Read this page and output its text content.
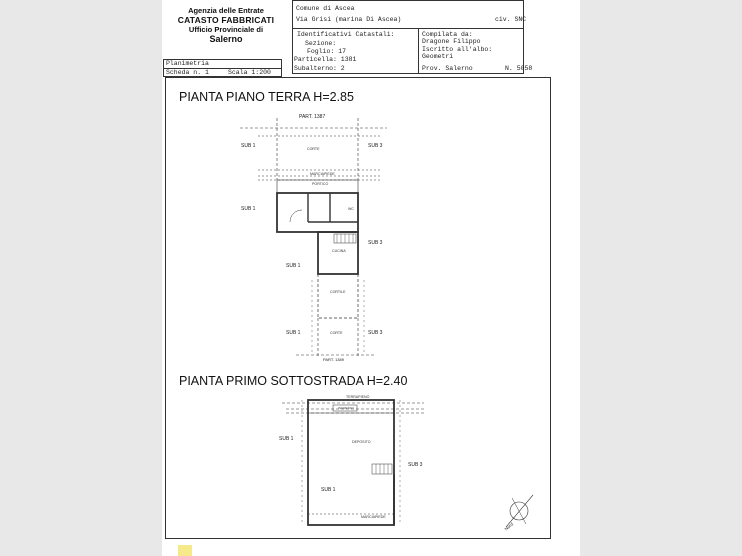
Agenzia delle Entrate
CATASTO FABBRICATI
Ufficio Provinciale di
Salerno
Comune di Ascea
Via Grisi (marina Di Ascea)	civ. SNC
Identificativi Catastali:
Sezione:
Foglio: 17
Particella: 1381
Subalterno: 2
Compilata da:
Dragone Filippo
Iscritto all'albo:
Geometri
Prov. Salerno	N. 5058
Planimetria
Scheda n. 1	Scala 1:200
PIANTA PIANO TERRA H=2.85
PIANTA PRIMO SOTTOSTRADA H=2.40
PART. 1387
SUB 1	SUB 3
SUB 1
SUB 3
SUB 1
SUB 1	SUB 3
CORTE
MARCIAPIEDE
PORTICO
WC
CUCINA
CORTILE
CORTE
PART. 1389
TERRAPIENO
DEPOSITO
INGRESSO
MARCIAPIEDE
SUB 1
SUB 3
SUB 1
Nord
